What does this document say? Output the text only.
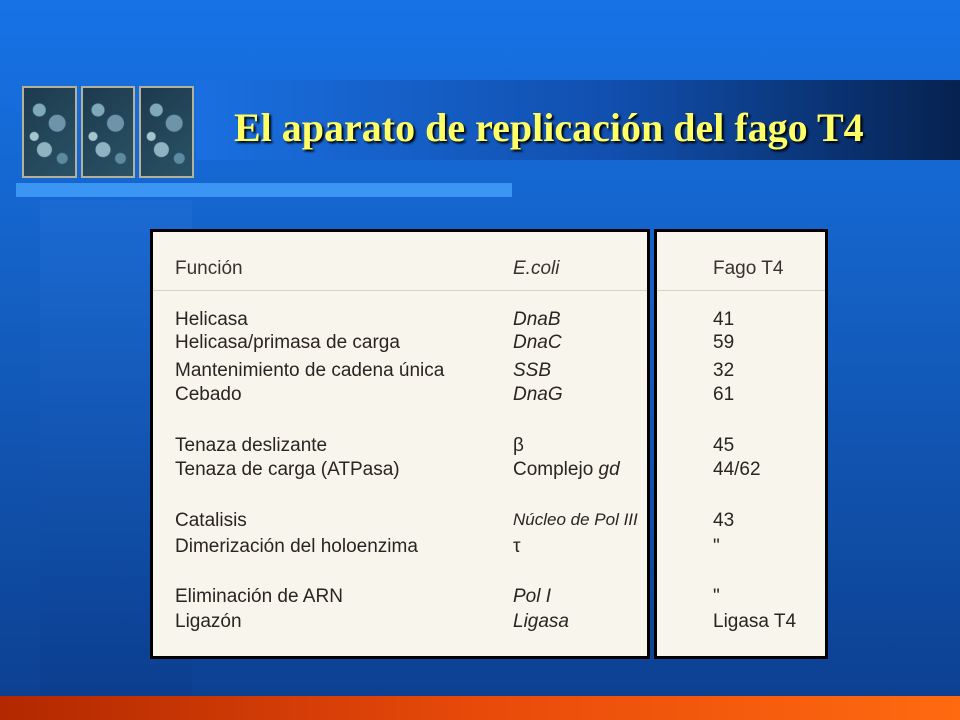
El aparato de replicación del fago T4
Función	E.coli
Helicasa
Helicasa/primasa de carga
Mantenimiento de cadena única
Cebado
Tenaza deslizante
Tenaza de carga (ATPasa)
Catalisis
Dimerización del holoenzima
Eliminación de ARN
Ligazón
DnaB
DnaC
SSB
DnaG
β
Complejo gd
Núcleo de Pol III
τ
Pol I
Ligasa
Fago T4
41
59
32
61
45
44/62
43
"
"
Ligasa T4
